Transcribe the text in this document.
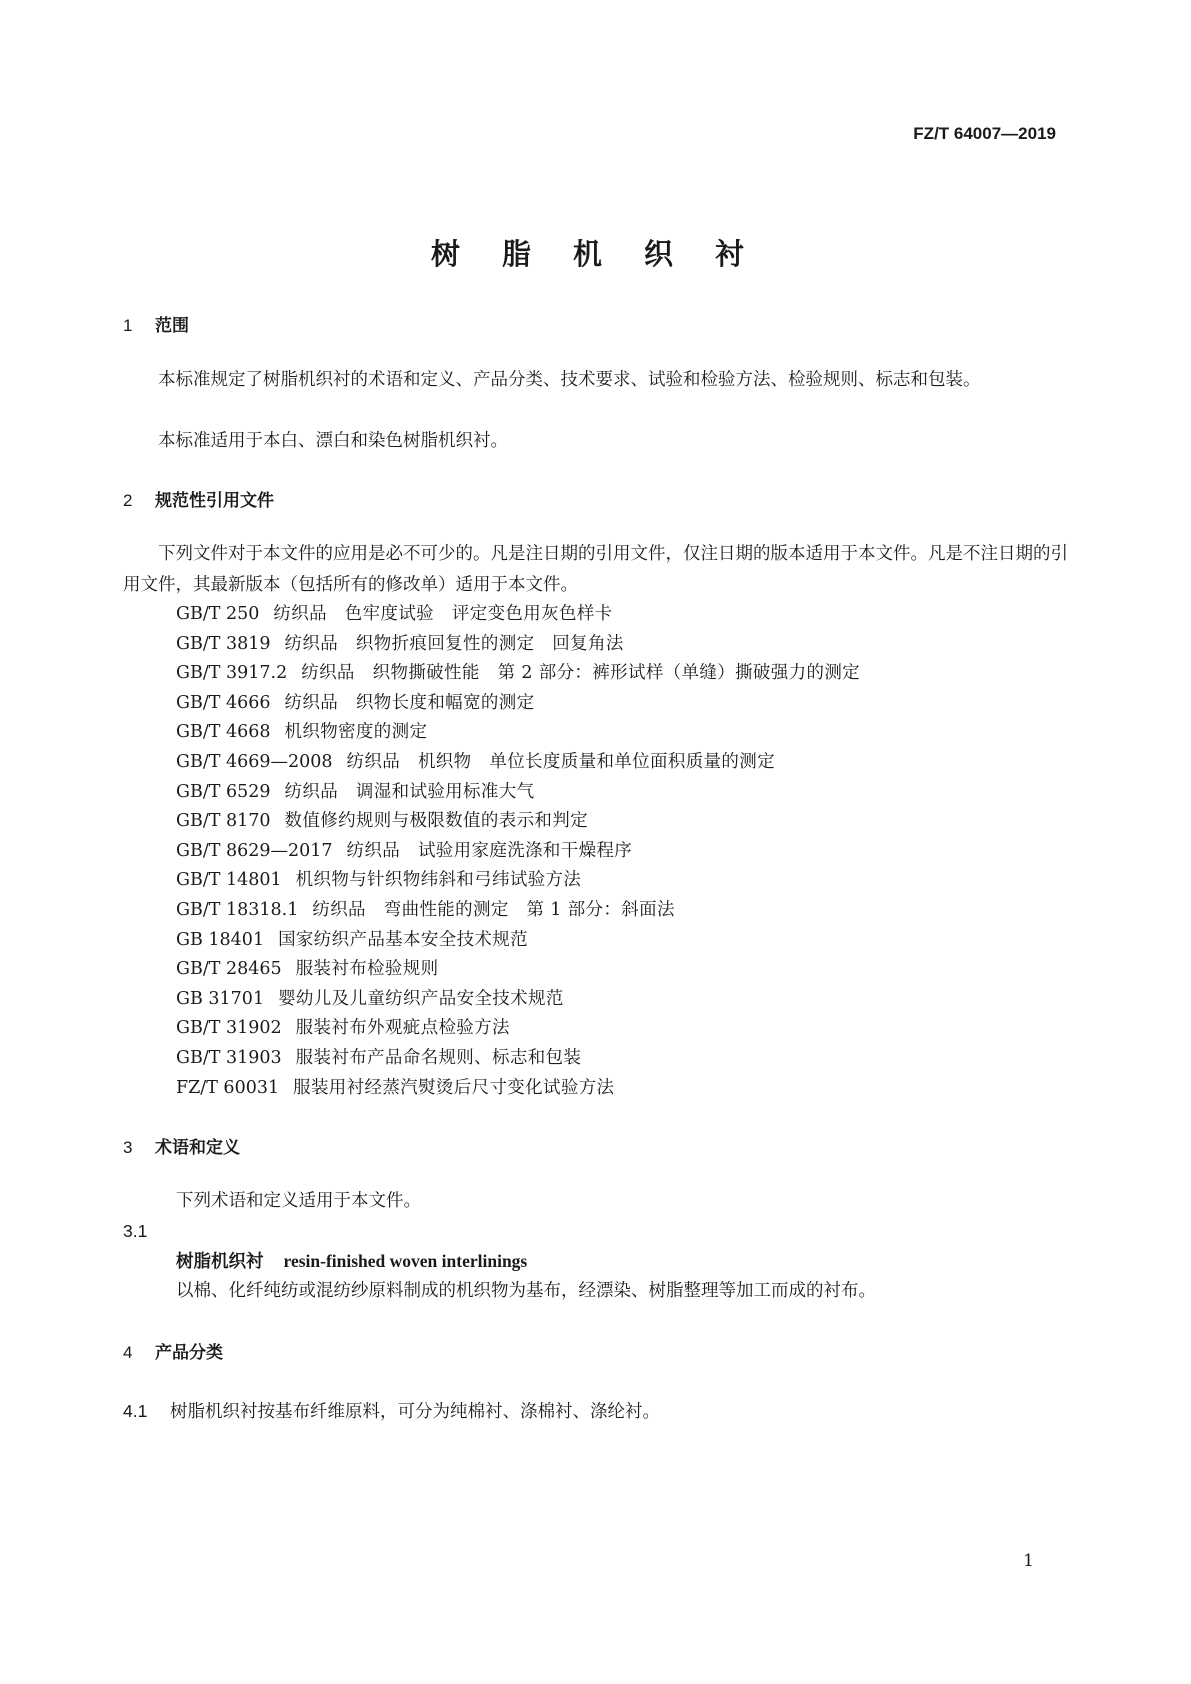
FZ/T 64007—2019
树 脂 机 织 衬
1 范围
本标准规定了树脂机织衬的术语和定义、产品分类、技术要求、试验和检验方法、检验规则、标志和包装。
本标准适用于本白、漂白和染色树脂机织衬。
2 规范性引用文件
下列文件对于本文件的应用是必不可少的。凡是注日期的引用文件，仅注日期的版本适用于本文件。凡是不注日期的引用文件，其最新版本（包括所有的修改单）适用于本文件。
GB/T 250 纺织品　色牢度试验　评定变色用灰色样卡
GB/T 3819 纺织品　织物折痕回复性的测定　回复角法
GB/T 3917.2 纺织品　织物撕破性能　第 2 部分：裤形试样（单缝）撕破强力的测定
GB/T 4666 纺织品　织物长度和幅宽的测定
GB/T 4668 机织物密度的测定
GB/T 4669—2008 纺织品　机织物　单位长度质量和单位面积质量的测定
GB/T 6529 纺织品　调湿和试验用标准大气
GB/T 8170 数值修约规则与极限数值的表示和判定
GB/T 8629—2017 纺织品　试验用家庭洗涤和干燥程序
GB/T 14801 机织物与针织物纬斜和弓纬试验方法
GB/T 18318.1 纺织品　弯曲性能的测定　第 1 部分：斜面法
GB 18401 国家纺织产品基本安全技术规范
GB/T 28465 服装衬布检验规则
GB 31701 婴幼儿及儿童纺织产品安全技术规范
GB/T 31902 服装衬布外观疵点检验方法
GB/T 31903 服装衬布产品命名规则、标志和包装
FZ/T 60031 服装用衬经蒸汽熨烫后尺寸变化试验方法
3 术语和定义
下列术语和定义适用于本文件。
3.1
树脂机织衬 resin-finished woven interlinings
以棉、化纤纯纺或混纺纱原料制成的机织物为基布，经漂染、树脂整理等加工而成的衬布。
4 产品分类
4.1 树脂机织衬按基布纤维原料，可分为纯棉衬、涤棉衬、涤纶衬。
1
